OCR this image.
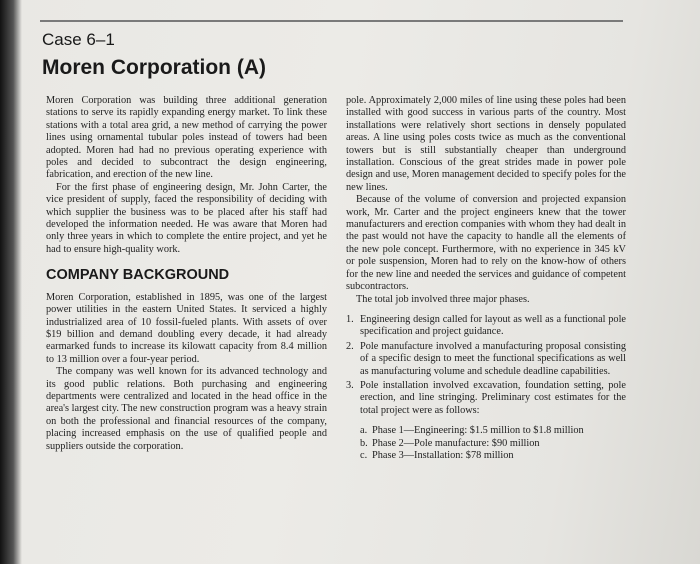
Case 6–1
Moren Corporation (A)

Moren Corporation was building three additional generation stations to serve its rapidly expanding energy market. To link these stations with a total area grid, a new method of carrying the power lines using ornamental tubular poles instead of towers had been adopted. Moren had had no previous operating experience with poles and decided to subcontract the design engineering, fabrication, and erection of the new line.

For the first phase of engineering design, Mr. John Carter, the vice president of supply, faced the responsibility of deciding with which supplier the business was to be placed after his staff had developed the information needed. He was aware that Moren had only three years in which to complete the entire project, and yet he had to ensure high-quality work.

COMPANY BACKGROUND

Moren Corporation, established in 1895, was one of the largest power utilities in the eastern United States. It serviced a highly industrialized area of 10 fossil-fueled plants. With assets of over $19 billion and demand doubling every decade, it had already earmarked funds to increase its kilowatt capacity from 8.4 million to 13 million over a four-year period.

The company was well known for its advanced technology and its good public relations. Both purchasing and engineering departments were centralized and located in the head office in the area's largest city. The new construction program was a heavy strain on both the professional and financial resources of the company, placing increased emphasis on the use of qualified people and suppliers outside the corporation.

pole. Approximately 2,000 miles of line using these poles had been installed with good success in various parts of the country. Most installations were relatively short sections in densely populated areas. A line using poles costs twice as much as the conventional towers but is still substantially cheaper than underground installation. Conscious of the great strides made in power pole design and use, Moren management decided to specify poles for the new lines.

Because of the volume of conversion and projected expansion work, Mr. Carter and the project engineers knew that the tower manufacturers and erection companies with whom they had dealt in the past would not have the capacity to handle all the elements of the new pole concept. Furthermore, with no experience in 345 kV or pole suspension, Moren had to rely on the know-how of others for the new line and needed the services and guidance of competent subcontractors.

The total job involved three major phases.

1. Engineering design called for layout as well as a functional pole specification and project guidance.
2. Pole manufacture involved a manufacturing proposal consisting of a specific design to meet the functional specifications as well as manufacturing volume and schedule deadline capabilities.
3. Pole installation involved excavation, foundation setting, pole erection, and line stringing. Preliminary cost estimates for the total project were as follows:
a. Phase 1—Engineering: $1.5 million to $1.8 million
b. Phase 2—Pole manufacture: $90 million
c. Phase 3—Installation: $78 million
